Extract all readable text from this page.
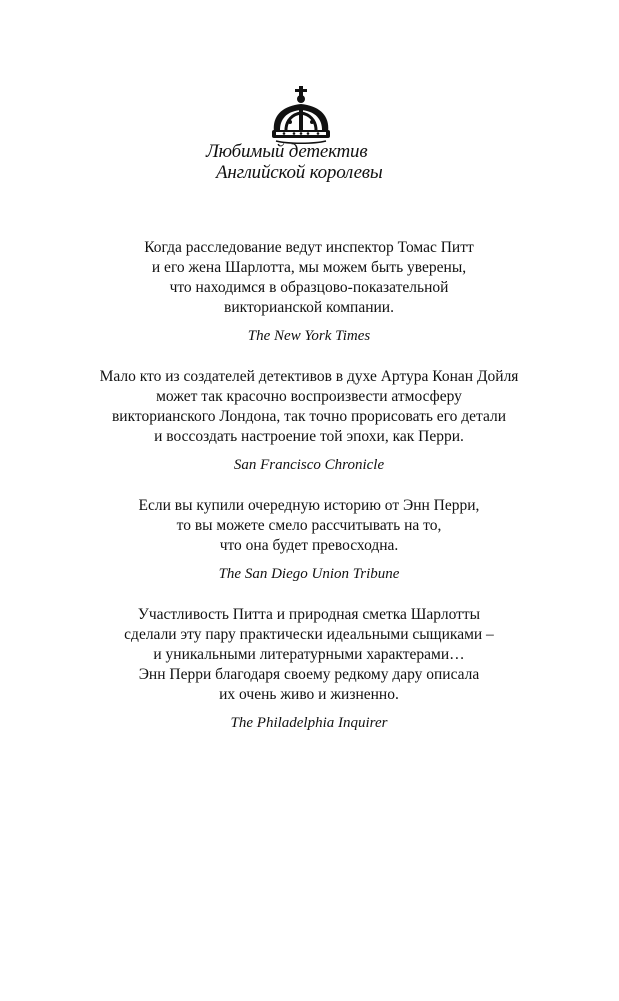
Любимый детектив
Английской королевы
Когда расследование ведут инспектор Томас Питт
и его жена Шарлотта, мы можем быть уверены,
что находимся в образцово-показательной
викторианской компании.
The New York Times
Мало кто из создателей детективов в духе Артура Конан Дойля
может так красочно воспроизвести атмосферу
викторианского Лондона, так точно прорисовать его детали
и воссоздать настроение той эпохи, как Перри.
San Francisco Chronicle
Если вы купили очередную историю от Энн Перри,
то вы можете смело рассчитывать на то,
что она будет превосходна.
The San Diego Union Tribune
Участливость Питта и природная сметка Шарлотты
сделали эту пару практически идеальными сыщиками –
и уникальными литературными характерами…
Энн Перри благодаря своему редкому дару описала
их очень живо и жизненно.
The Philadelphia Inquirer
